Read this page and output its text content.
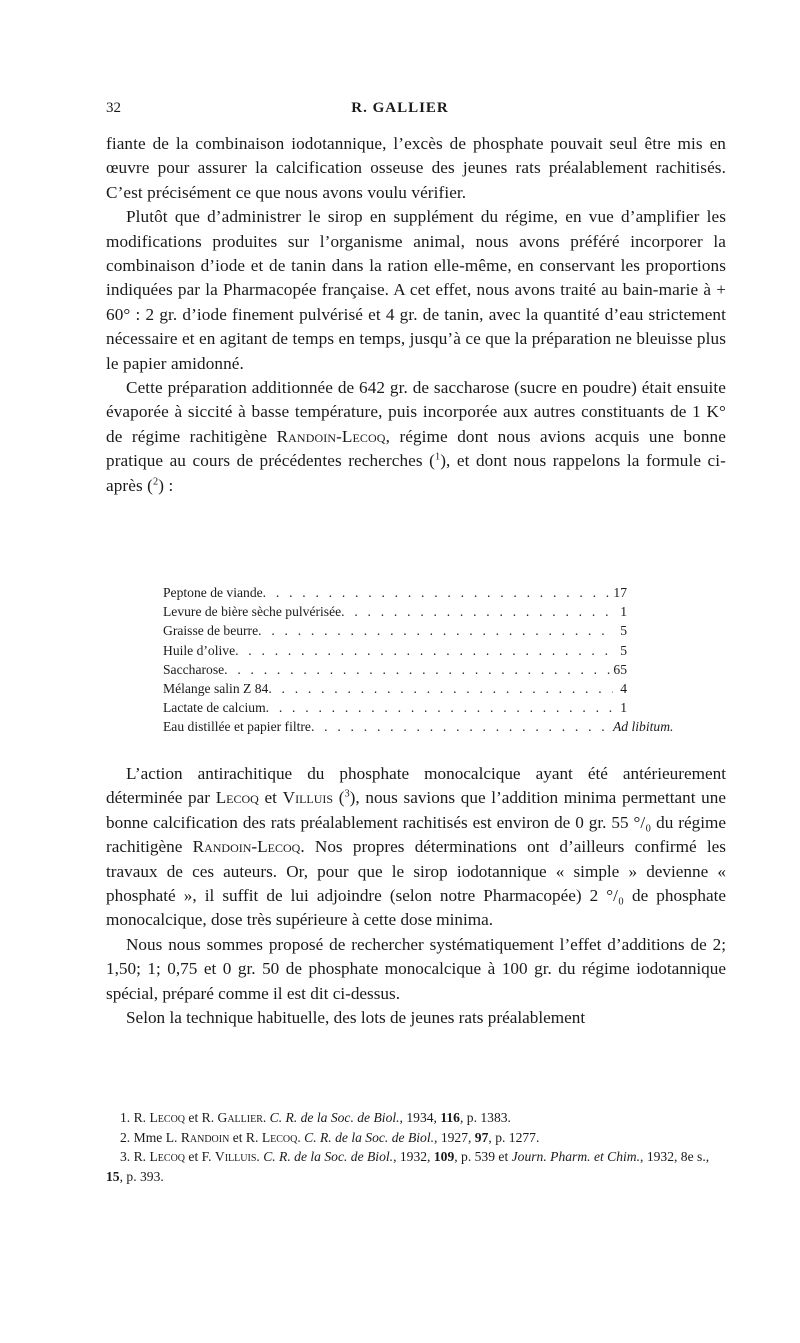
32	R. GALLIER

fiante de la combinaison iodotannique, l’excès de phosphate pouvait seul être mis en œuvre pour assurer la calcification osseuse des jeunes rats préalablement rachitisés. C’est précisément ce que nous avons voulu vérifier.

Plutôt que d’administrer le sirop en supplément du régime, en vue d’amplifier les modifications produites sur l’organisme animal, nous avons préféré incorporer la combinaison d’iode et de tanin dans la ration elle-même, en conservant les proportions indiquées par la Pharmacopée française. A cet effet, nous avons traité au bain-marie à + 60° : 2 gr. d’iode finement pulvérisé et 4 gr. de tanin, avec la quantité d’eau strictement nécessaire et en agitant de temps en temps, jusqu’à ce que la préparation ne bleuisse plus le papier amidonné.

Cette préparation additionnée de 642 gr. de saccharose (sucre en poudre) était ensuite évaporée à siccité à basse température, puis incorporée aux autres constituants de 1 K° de régime rachitigène Randoin-Lecoq, régime dont nous avions acquis une bonne pratique au cours de précédentes recherches ($^1$), et dont nous rappelons la formule ci-après ($^2$) :

Peptone de viande . . .	17
Levure de bière sèche pulvérisée . . .	1
Graisse de beurre . . .	5
Huile d’olive . . .	5
Saccharose . . .	65
Mélange salin Z 84 . . .	4
Lactate de calcium . . .	1
Eau distillée et papier filtre . . .	Ad libitum.

L’action antirachitique du phosphate monocalcique ayant été antérieurement déterminée par Lecoq et Villuis ($^3$), nous savions que l’addition minima permettant une bonne calcification des rats préalablement rachitisés est environ de 0 gr. 55 °/₀ du régime rachitigène Randoin-Lecoq. Nos propres déterminations ont d’ailleurs confirmé les travaux de ces auteurs. Or, pour que le sirop iodotannique « simple » devienne « phosphaté », il suffit de lui adjoindre (selon notre Pharmacopée) 2 °/₀ de phosphate monocalcique, dose très supérieure à cette dose minima.

Nous nous sommes proposé de rechercher systématiquement l’effet d’additions de 2; 1,50; 1; 0,75 et 0 gr. 50 de phosphate monocalcique à 100 gr. du régime iodotannique spécial, préparé comme il est dit ci-dessus.

Selon la technique habituelle, des lots de jeunes rats préalablement

1. R. Lecoq et R. Gallier. C. R. de la Soc. de Biol., 1934, 116, p. 1383.

2. Mme L. Randoin et R. Lecoq. C. R. de la Soc. de Biol., 1927, 97, p. 1277.

3. R. Lecoq et F. Villuis. C. R. de la Soc. de Biol., 1932, 109, p. 539 et Journ. Pharm. et Chim., 1932, 8e s., 15, p. 393.
